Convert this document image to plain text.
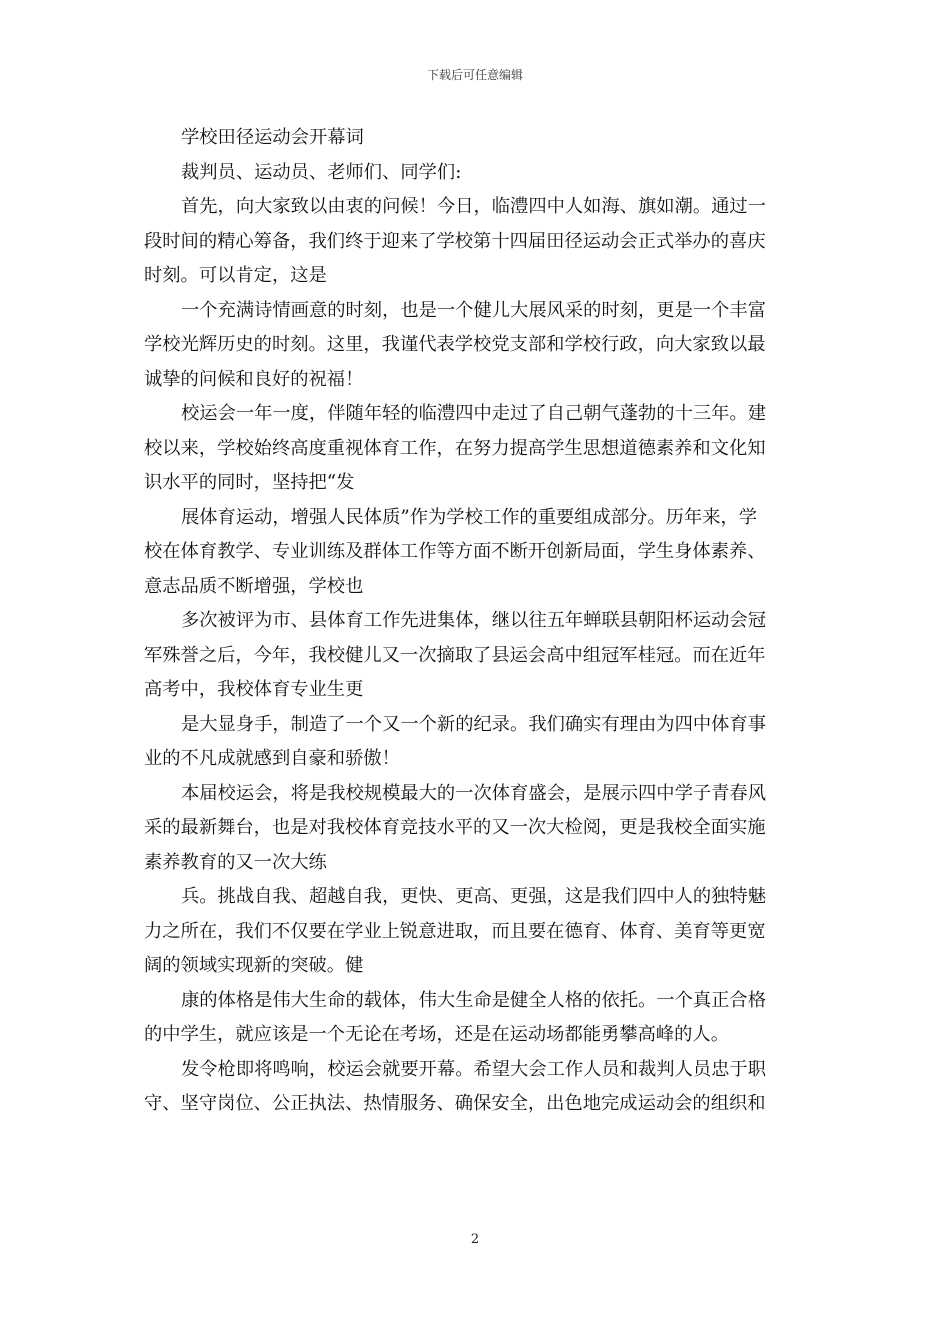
下载后可任意编辑
学校田径运动会开幕词
裁判员、运动员、老师们、同学们:
首先，向大家致以由衷的问候！今日，临澧四中人如海、旗如潮。通过一
段时间的精心筹备，我们终于迎来了学校第十四届田径运动会正式举办的喜庆
时刻。可以肯定，这是
一个充满诗情画意的时刻，也是一个健儿大展风采的时刻，更是一个丰富
学校光辉历史的时刻。这里，我谨代表学校党支部和学校行政，向大家致以最
诚挚的问候和良好的祝福！
校运会一年一度，伴随年轻的临澧四中走过了自己朝气蓬勃的十三年。建
校以来，学校始终高度重视体育工作，在努力提高学生思想道德素养和文化知
识水平的同时，坚持把“发
展体育运动，增强人民体质”作为学校工作的重要组成部分。历年来，学
校在体育教学、专业训练及群体工作等方面不断开创新局面，学生身体素养、
意志品质不断增强，学校也
多次被评为市、县体育工作先进集体，继以往五年蝉联县朝阳杯运动会冠
军殊誉之后，今年，我校健儿又一次摘取了县运会高中组冠军桂冠。而在近年
高考中，我校体育专业生更
是大显身手，制造了一个又一个新的纪录。我们确实有理由为四中体育事
业的不凡成就感到自豪和骄傲！
本届校运会，将是我校规模最大的一次体育盛会，是展示四中学子青春风
采的最新舞台，也是对我校体育竞技水平的又一次大检阅，更是我校全面实施
素养教育的又一次大练
兵。挑战自我、超越自我，更快、更高、更强，这是我们四中人的独特魅
力之所在，我们不仅要在学业上锐意进取，而且要在德育、体育、美育等更宽
阔的领域实现新的突破。健
康的体格是伟大生命的载体，伟大生命是健全人格的依托。一个真正合格
的中学生，就应该是一个无论在考场，还是在运动场都能勇攀高峰的人。
发令枪即将鸣响，校运会就要开幕。希望大会工作人员和裁判人员忠于职
守、坚守岗位、公正执法、热情服务、确保安全，出色地完成运动会的组织和
2
